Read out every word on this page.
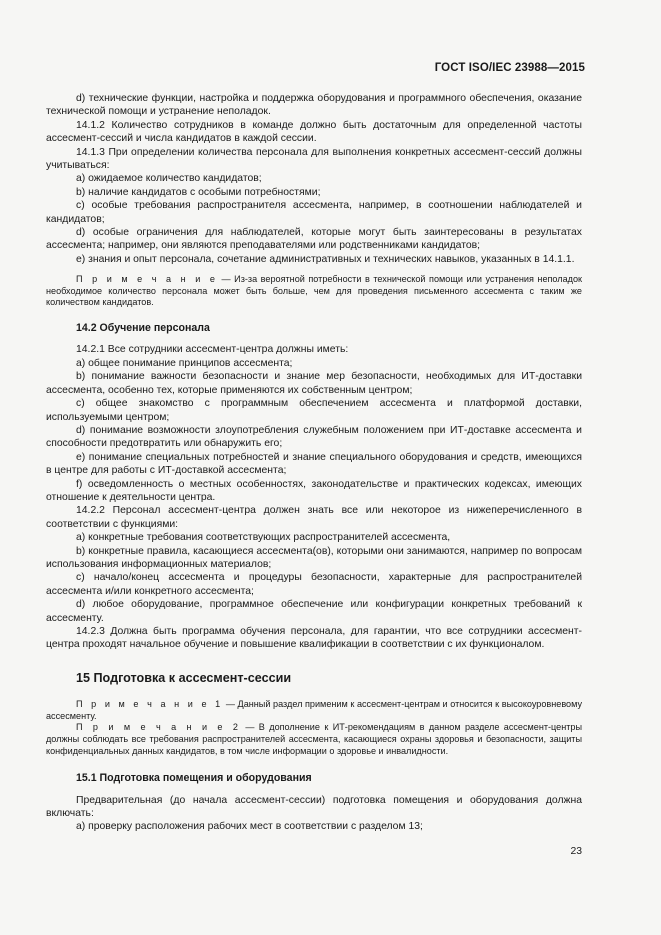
ГОСТ ISO/IEC 23988—2015

d) технические функции, настройка и поддержка оборудования и программного обеспечения, оказание технической помощи и устранение неполадок.

14.1.2 Количество сотрудников в команде должно быть достаточным для определенной частоты ассесмент-сессий и числа кандидатов в каждой сессии.

14.1.3 При определении количества персонала для выполнения конкретных ассесмент-сессий должны учитываться:

а) ожидаемое количество кандидатов;

b) наличие кандидатов с особыми потребностями;

с) особые требования распространителя ассесмента, например, в соотношении наблюдателей и кандидатов;

d) особые ограничения для наблюдателей, которые могут быть заинтересованы в результатах ассесмента; например, они являются преподавателями или родственниками кандидатов;

е) знания и опыт персонала, сочетание административных и технических навыков, указанных в 14.1.1.

П р и м е ч а н и е — Из-за вероятной потребности в технической помощи или устранения неполадок необходимое количество персонала может быть больше, чем для проведения письменного ассесмента с таким же количеством кандидатов.

14.2 Обучение персонала

14.2.1 Все сотрудники ассесмент-центра должны иметь:

а) общее понимание принципов ассесмента;

b) понимание важности безопасности и знание мер безопасности, необходимых для ИТ-доставки ассесмента, особенно тех, которые применяются их собственным центром;

с) общее знакомство с программным обеспечением ассесмента и платформой доставки, используемыми центром;

d) понимание возможности злоупотребления служебным положением при ИТ-доставке ассесмента и способности предотвратить или обнаружить его;

е) понимание специальных потребностей и знание специального оборудования и средств, имеющихся в центре для работы с ИТ-доставкой ассесмента;

f) осведомленность о местных особенностях, законодательстве и практических кодексах, имеющих отношение к деятельности центра.

14.2.2 Персонал ассесмент-центра должен знать все или некоторое из нижеперечисленного в соответствии с функциями:

а) конкретные требования соответствующих распространителей ассесмента,

b) конкретные правила, касающиеся ассесмента(ов), которыми они занимаются, например по вопросам использования информационных материалов;

с) начало/конец ассесмента и процедуры безопасности, характерные для распространителей ассесмента и/или конкретного ассесмента;

d) любое оборудование, программное обеспечение или конфигурации конкретных требований к ассесменту.

14.2.3 Должна быть программа обучения персонала, для гарантии, что все сотрудники ассесмент-центра проходят начальное обучение и повышение квалификации в соответствии с их функционалом.

15 Подготовка к ассесмент-сессии

П р и м е ч а н и е 1 — Данный раздел применим к ассесмент-центрам и относится к высокоуровневому ассесменту.

П р и м е ч а н и е 2 — В дополнение к ИТ-рекомендациям в данном разделе ассесмент-центры должны соблюдать все требования распространителей ассесмента, касающиеся охраны здоровья и безопасности, защиты конфиденциальных данных кандидатов, в том числе информации о здоровье и инвалидности.

15.1 Подготовка помещения и оборудования

Предварительная (до начала ассесмент-сессии) подготовка помещения и оборудования должна включать:

а) проверку расположения рабочих мест в соответствии с разделом 13;

23
